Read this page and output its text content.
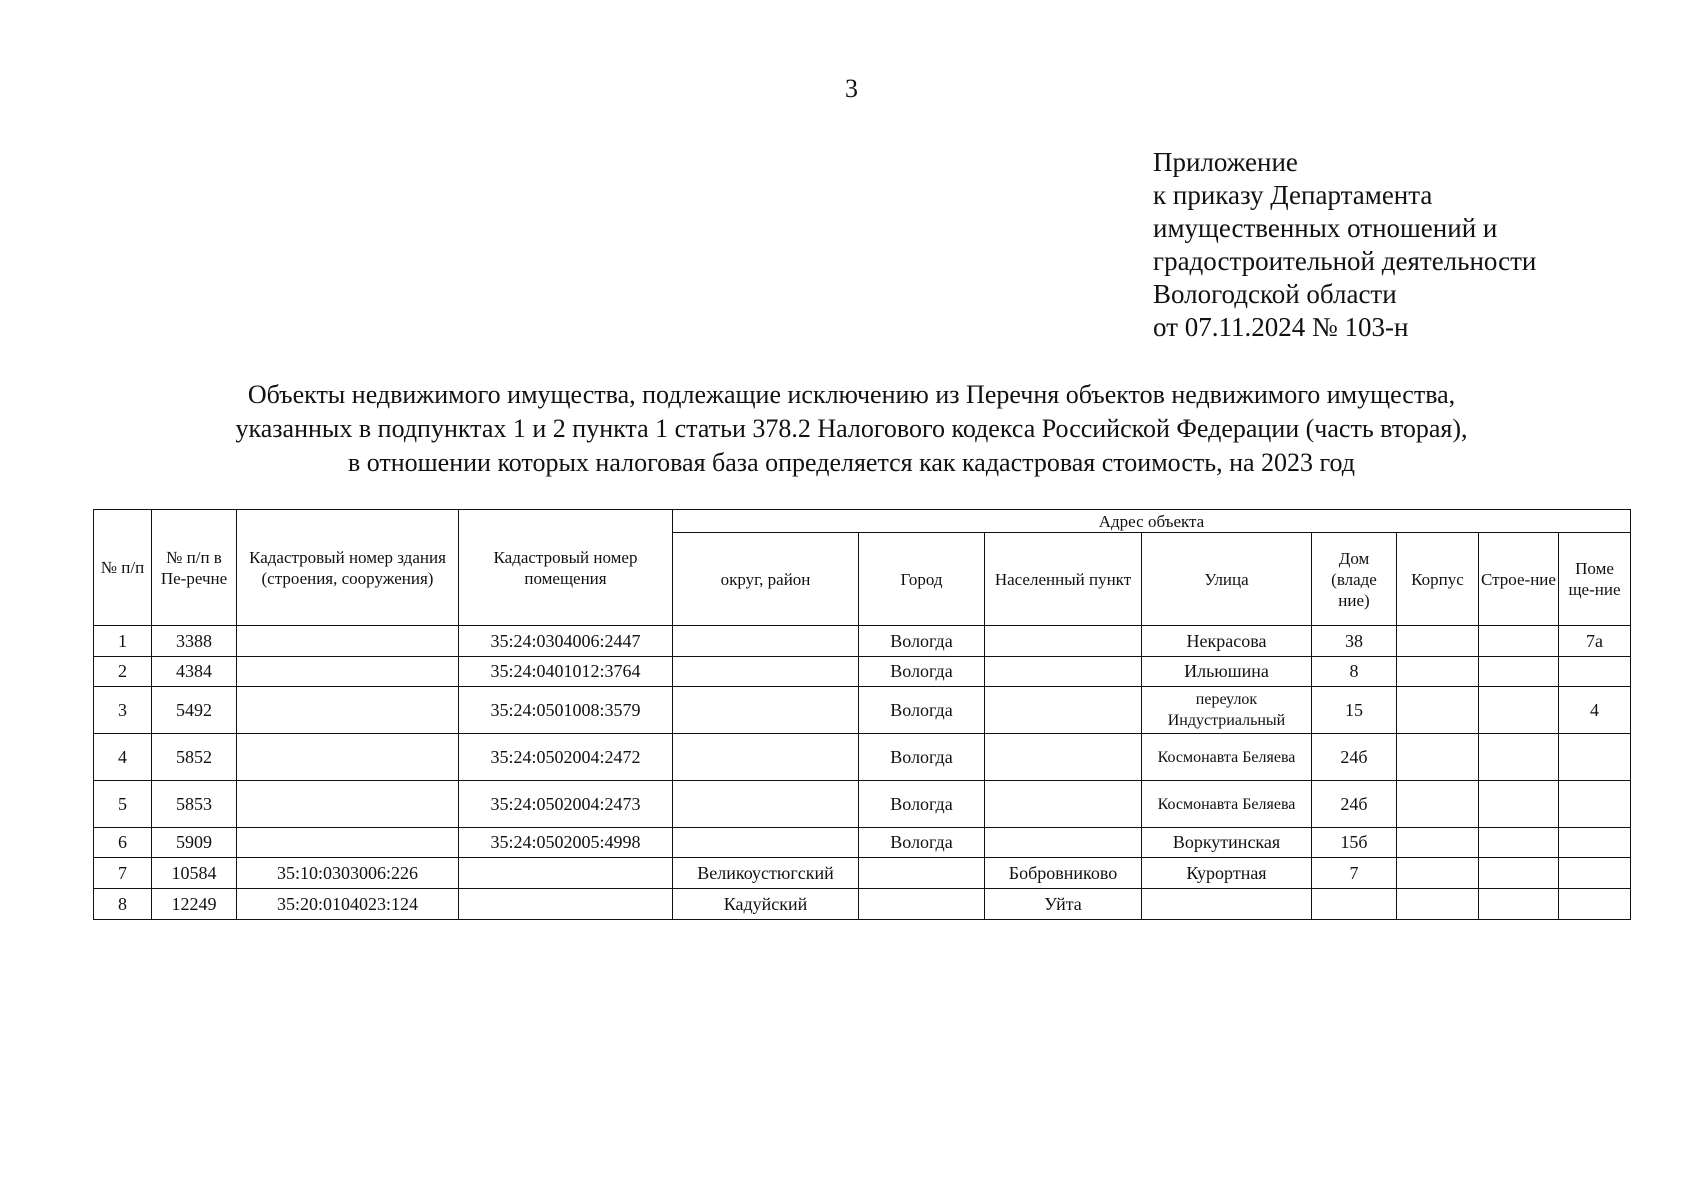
3
Приложение
к приказу Департамента
имущественных отношений и
градостроительной деятельности
Вологодской области
от 07.11.2024 № 103-н
Объекты недвижимого имущества, подлежащие исключению из Перечня объектов недвижимого имущества,
указанных в подпунктах 1 и 2 пункта 1 статьи 378.2 Налогового кодекса Российской Федерации (часть вторая),
в отношении которых налоговая база определяется как кадастровая стоимость, на 2023 год
№ п/п	№ п/п в Пе-речне	Кадастровый номер здания (строения, сооружения)	Кадастровый номер помещения	Адрес объекта							
				округ, район	Город	Населенный пункт	Улица	Дом (владе ние)	Корпус	Строе-ние	Поме ще-ние
1	3388		35:24:0304006:2447		Вологда		Некрасова	38			7а
2	4384		35:24:0401012:3764		Вологда		Ильюшина	8			
3	5492		35:24:0501008:3579		Вологда		переулок Индустриальный	15			4
4	5852		35:24:0502004:2472		Вологда		Космонавта Беляева	24б			
5	5853		35:24:0502004:2473		Вологда		Космонавта Беляева	24б			
6	5909		35:24:0502005:4998		Вологда		Воркутинская	15б			
7	10584	35:10:0303006:226		Великоустюгский		Бобровниково	Курортная	7			
8	12249	35:20:0104023:124		Кадуйский		Уйта					
